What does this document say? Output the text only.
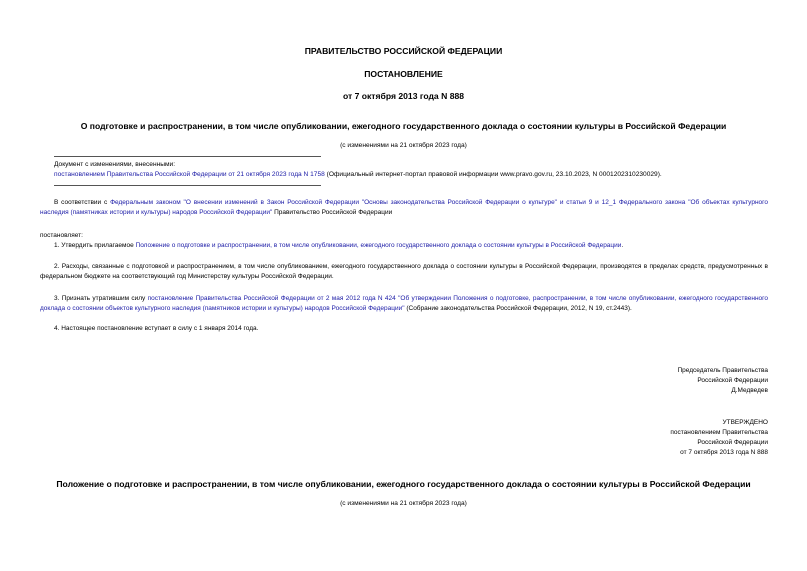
ПРАВИТЕЛЬСТВО РОССИЙСКОЙ ФЕДЕРАЦИИ
ПОСТАНОВЛЕНИЕ
от 7 октября 2013 года N 888
О подготовке и распространении, в том числе опубликовании, ежегодного государственного доклада о состоянии культуры в Российской Федерации
(с изменениями на 21 октября 2023 года)
Документ с изменениями, внесенными:
постановлением Правительства Российской Федерации от 21 октября 2023 года N 1758 (Официальный интернет-портал правовой информации www.pravo.gov.ru, 23.10.2023, N 0001202310230029).
В соответствии с Федеральным законом "О внесении изменений в Закон Российской Федерации "Основы законодательства Российской Федерации о культуре" и статьи 9 и 12_1 Федерального закона "Об объектах культурного наследия (памятниках истории и культуры) народов Российской Федерации" Правительство Российской Федерации
постановляет:
1. Утвердить прилагаемое Положение о подготовке и распространении, в том числе опубликовании, ежегодного государственного доклада о состоянии культуры в Российской Федерации.
2. Расходы, связанные с подготовкой и распространением, в том числе опубликованием, ежегодного государственного доклада о состоянии культуры в Российской Федерации, производятся в пределах средств, предусмотренных в федеральном бюджете на соответствующий год Министерству культуры Российской Федерации.
3. Признать утратившим силу постановление Правительства Российской Федерации от 2 мая 2012 года N 424 "Об утверждении Положения о подготовке, распространении, в том числе опубликовании, ежегодного государственного доклада о состоянии объектов культурного наследия (памятников истории и культуры) народов Российской Федерации" (Собрание законодательства Российской Федерации, 2012, N 19, ст.2443).
4. Настоящее постановление вступает в силу с 1 января 2014 года.
Председатель Правительства
Российской Федерации
Д.Медведев
УТВЕРЖДЕНО
постановлением Правительства
Российской Федерации
от 7 октября 2013 года N 888
Положение о подготовке и распространении, в том числе опубликовании, ежегодного государственного доклада о состоянии культуры в Российской Федерации
(с изменениями на 21 октября 2023 года)
